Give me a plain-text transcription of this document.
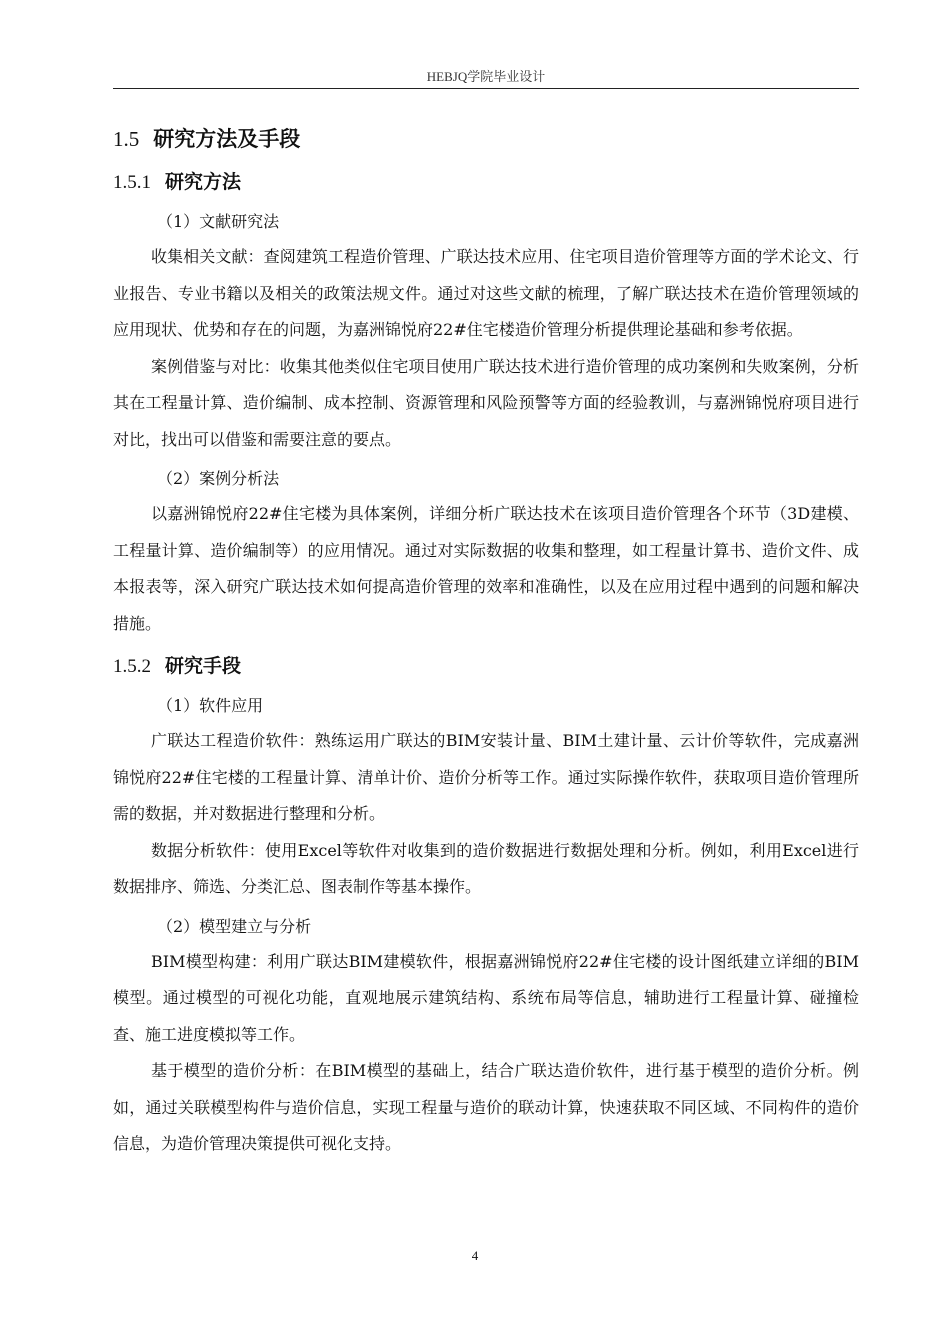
HEBJQ学院毕业设计
1.5 研究方法及手段
1.5.1 研究方法
（1）文献研究法

收集相关文献：查阅建筑工程造价管理、广联达技术应用、住宅项目造价管理等方面的学术论文、行业报告、专业书籍以及相关的政策法规文件。通过对这些文献的梳理，了解广联达技术在造价管理领域的应用现状、优势和存在的问题，为嘉洲锦悦府22#住宅楼造价管理分析提供理论基础和参考依据。

案例借鉴与对比：收集其他类似住宅项目使用广联达技术进行造价管理的成功案例和失败案例，分析其在工程量计算、造价编制、成本控制、资源管理和风险预警等方面的经验教训，与嘉洲锦悦府项目进行对比，找出可以借鉴和需要注意的要点。

（2）案例分析法

以嘉洲锦悦府22#住宅楼为具体案例，详细分析广联达技术在该项目造价管理各个环节（3D建模、工程量计算、造价编制等）的应用情况。通过对实际数据的收集和整理，如工程量计算书、造价文件、成本报表等，深入研究广联达技术如何提高造价管理的效率和准确性，以及在应用过程中遇到的问题和解决措施。

1.5.2 研究手段
（1）软件应用

广联达工程造价软件：熟练运用广联达的BIM安装计量、BIM土建计量、云计价等软件，完成嘉洲锦悦府22#住宅楼的工程量计算、清单计价、造价分析等工作。通过实际操作软件，获取项目造价管理所需的数据，并对数据进行整理和分析。

数据分析软件：使用Excel等软件对收集到的造价数据进行数据处理和分析。例如，利用Excel进行数据排序、筛选、分类汇总、图表制作等基本操作。

（2）模型建立与分析

BIM模型构建：利用广联达BIM建模软件，根据嘉洲锦悦府22#住宅楼的设计图纸建立详细的BIM模型。通过模型的可视化功能，直观地展示建筑结构、系统布局等信息，辅助进行工程量计算、碰撞检查、施工进度模拟等工作。

基于模型的造价分析：在BIM模型的基础上，结合广联达造价软件，进行基于模型的造价分析。例如，通过关联模型构件与造价信息，实现工程量与造价的联动计算，快速获取不同区域、不同构件的造价信息，为造价管理决策提供可视化支持。

4
